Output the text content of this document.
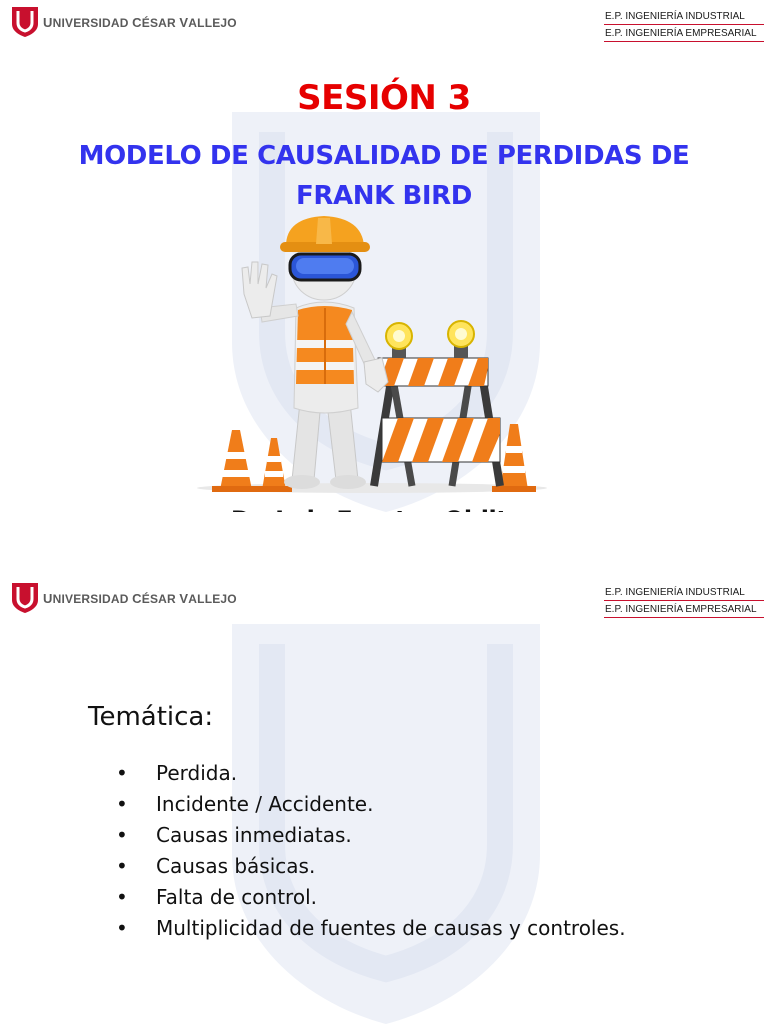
UNIVERSIDAD CÉSAR VALLEJO	E.P. INGENIERÍA INDUSTRIAL
E.P. INGENIERÍA EMPRESARIAL
SESIÓN 3
MODELO DE CAUSALIDAD DE PERDIDAS DE
FRANK BIRD
UNIVERSIDAD CÉSAR VALLEJO	E.P. INGENIERÍA INDUSTRIAL
E.P. INGENIERÍA EMPRESARIAL
Temática:
• Perdida.
• Incidente / Accidente.
• Causas inmediatas.
• Causas básicas.
• Falta de control.
• Multiplicidad de fuentes de causas y controles.
